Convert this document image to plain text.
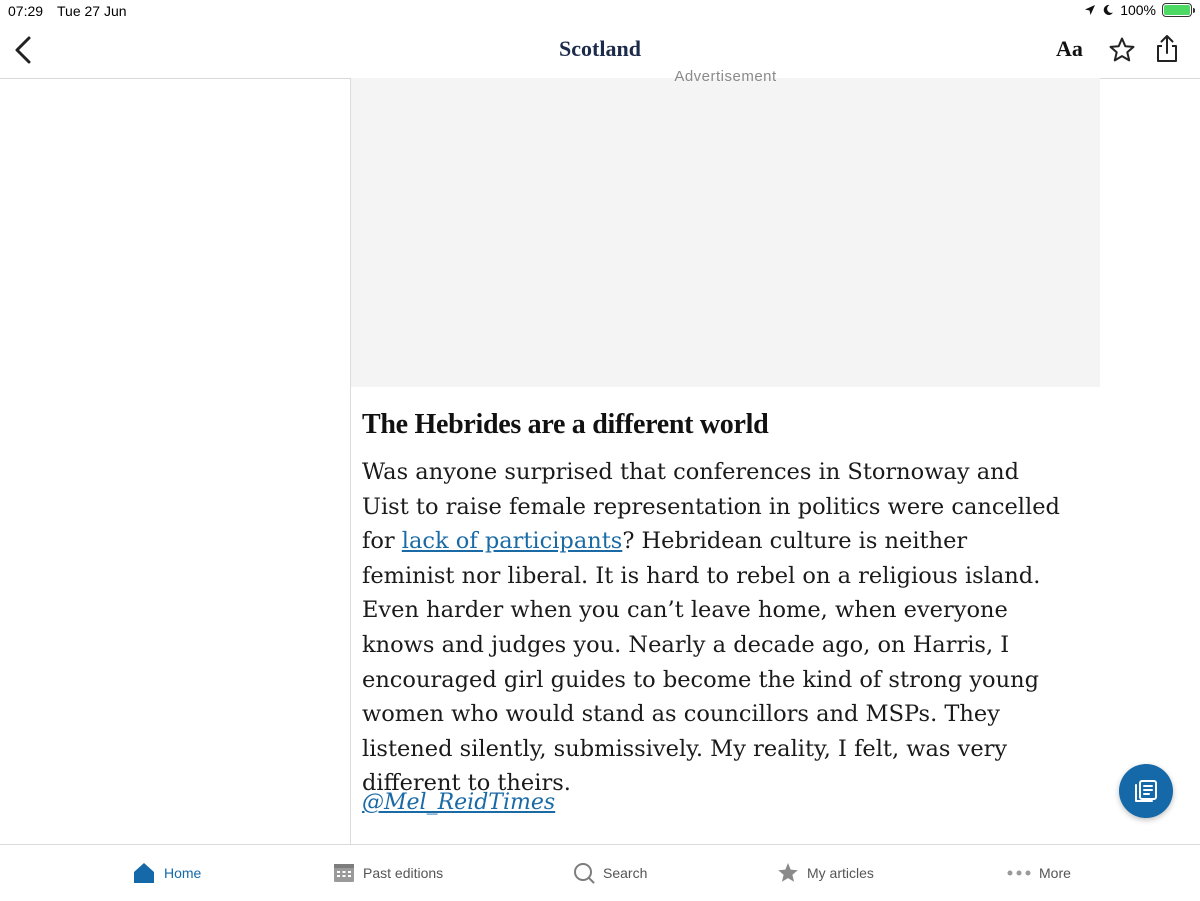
07:29 Tue 27 Jun	100%
Scotland	Aa
Advertisement
The Hebrides are a different world

Was anyone surprised that conferences in Stornoway and Uist to raise female representation in politics were cancelled for lack of participants? Hebridean culture is neither feminist nor liberal. It is hard to rebel on a religious island. Even harder when you can’t leave home, when everyone knows and judges you. Nearly a decade ago, on Harris, I encouraged girl guides to become the kind of strong young women who would stand as councillors and MSPs. They listened silently, submissively. My reality, I felt, was very different to theirs.

@Mel_ReidTimes
Home	Past editions	Search	My articles	More
